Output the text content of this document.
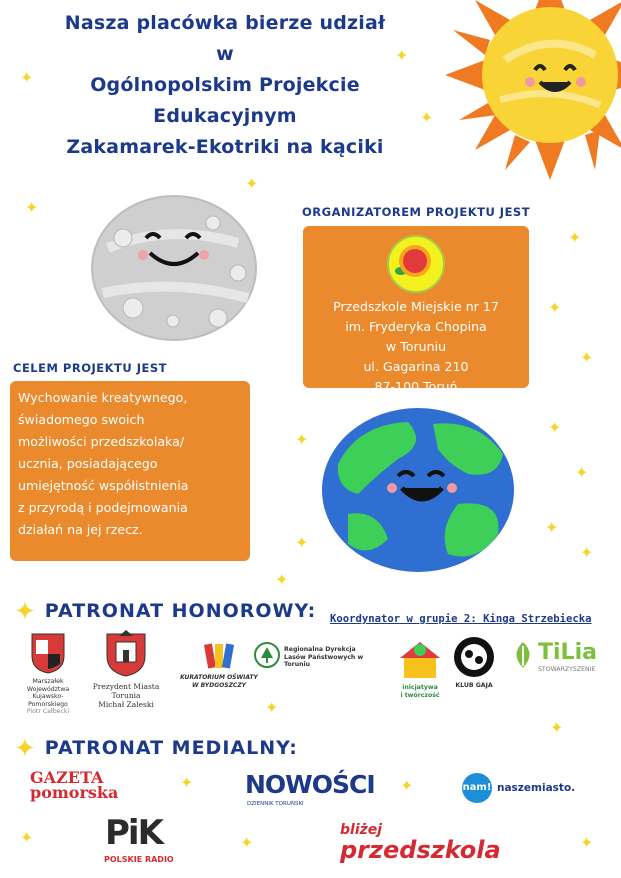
Nasza placówka bierze udział
w
Ogólnopolskim Projekcie
Edukacyjnym
Zakamarek-Ekotriki na kąciki
✦
✦
✦
✦
✦
✦
✦
✦
✦
✦
✦
✦
✦
✦
✦
✦
✦
✦	✦
✦	✦	✦
ORGANIZATOREM PROJEKTU JEST
Przedszkole Miejskie nr 17
im. Fryderyka Chopina
w Toruniu
ul. Gagarina 210
87-100 Toruń
CELEM PROJEKTU JEST
Wychowanie kreatywnego,
świadomego swoich
możliwości przedszkolaka/
ucznia, posiadającego
umiejętność współistnienia
z przyrodą i podejmowania
działań na jej rzecz.
✦ PATRONAT HONOROWY: Koordynator w grupie 2: Kinga Strzebiecka
Marszałek Województwa
Kujawsko-Pomorskiego
Piotr Całbecki
Prezydent Miasta Torunia
Michał Zaleski
KURATORIUM OŚWIATY
W BYDGOSZCZY
Regionalna Dyrekcja
Lasów Państwowych w Toruniu
inicjatywa
i twórczość
KLUB GAJA
TiLia
STOWARZYSZENIE
✦ PATRONAT MEDIALNY:
GAZETA
pomorska	NOWOŚCI
DZIENNIK TORUŃSKI
nam! naszemiasto.
PiK
POLSKIE RADIO
bliżej
przedszkola
